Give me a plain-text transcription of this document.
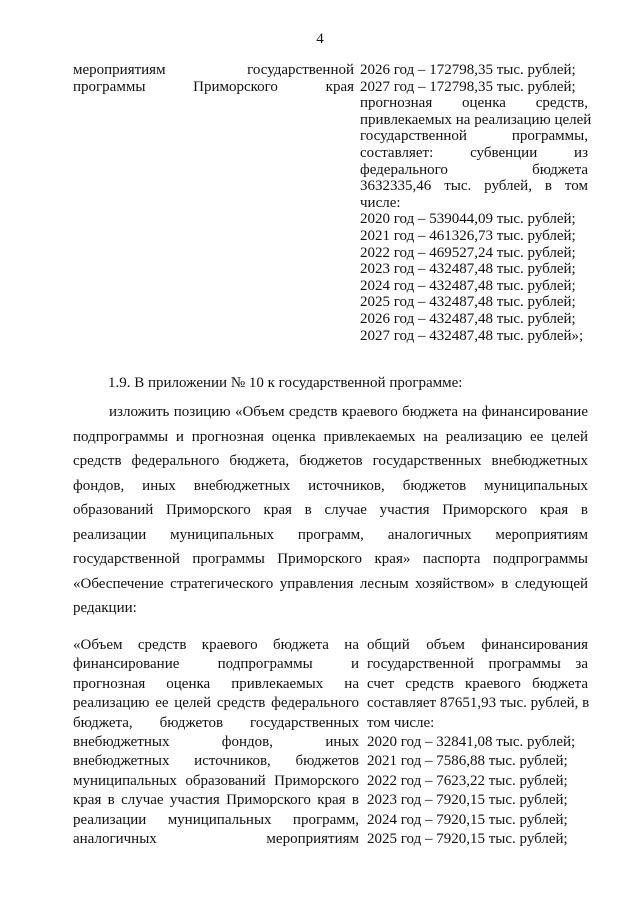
4
мероприятиям государственной
программы Приморского края
2026 год – 172798,35 тыс. рублей;
2027 год – 172798,35 тыс. рублей;
прогнозная оценка средств,
привлекаемых на реализацию целей
государственной программы,
составляет: субвенции из
федерального бюджета
3632335,46 тыс. рублей, в том
числе:
2020 год – 539044,09 тыс. рублей;
2021 год – 461326,73 тыс. рублей;
2022 год – 469527,24 тыс. рублей;
2023 год – 432487,48 тыс. рублей;
2024 год – 432487,48 тыс. рублей;
2025 год – 432487,48 тыс. рублей;
2026 год – 432487,48 тыс. рублей;
2027 год – 432487,48 тыс. рублей»;
1.9. В приложении № 10 к государственной программе:
изложить позицию «Объем средств краевого бюджета на финансирование
подпрограммы и прогнозная оценка привлекаемых на реализацию ее целей
средств федерального бюджета, бюджетов государственных внебюджетных
фондов, иных внебюджетных источников, бюджетов муниципальных
образований Приморского края в случае участия Приморского края в
реализации муниципальных программ, аналогичных мероприятиям
государственной программы Приморского края» паспорта подпрограммы
«Обеспечение стратегического управления лесным хозяйством» в следующей
редакции:
«Объем средств краевого бюджета на
финансирование подпрограммы и
прогнозная оценка привлекаемых на
реализацию ее целей средств федерального
бюджета, бюджетов государственных
внебюджетных фондов, иных
внебюджетных источников, бюджетов
муниципальных образований Приморского
края в случае участия Приморского края в
реализации муниципальных программ,
аналогичных мероприятиям
общий объем финансирования
государственной программы за
счет средств краевого бюджета
составляет 87651,93 тыс. рублей, в
том числе:
2020 год – 32841,08 тыс. рублей;
2021 год – 7586,88 тыс. рублей;
2022 год – 7623,22 тыс. рублей;
2023 год – 7920,15 тыс. рублей;
2024 год – 7920,15 тыс. рублей;
2025 год – 7920,15 тыс. рублей;
